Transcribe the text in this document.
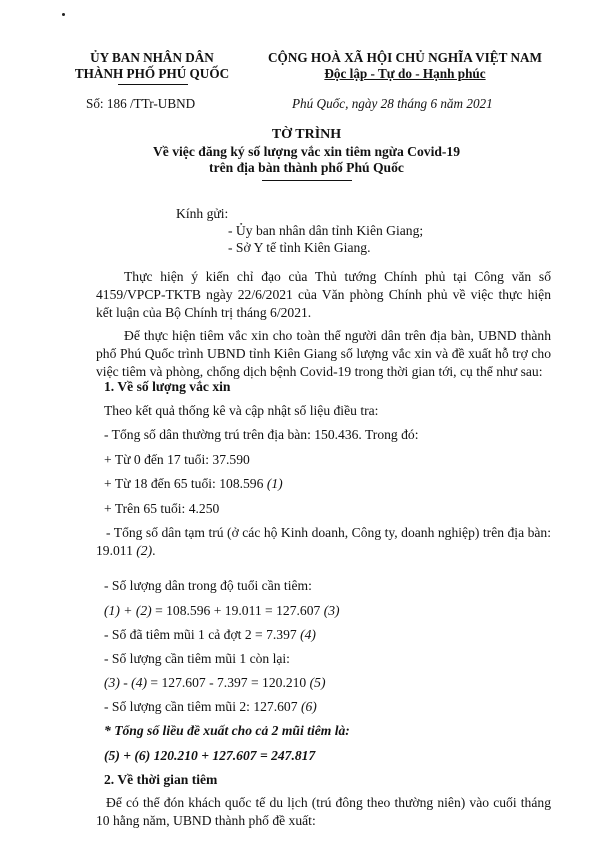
ỦY BAN NHÂN DÂN
THÀNH PHỐ PHÚ QUỐC
Số: 186 /TTr-UBND
CỘNG HOÀ XÃ HỘI CHỦ NGHĨA VIỆT NAM
Độc lập - Tự do - Hạnh phúc
Phú Quốc, ngày 28 tháng 6 năm 2021
TỜ TRÌNH
Về việc đăng ký số lượng vắc xin tiêm ngừa Covid-19
trên địa bàn thành phố Phú Quốc
Kính gửi:
- Ủy ban nhân dân tỉnh Kiên Giang;
- Sở Y tế tỉnh Kiên Giang.
Thực hiện ý kiến chỉ đạo của Thủ tướng Chính phủ tại Công văn số 4159/VPCP-TKTB ngày 22/6/2021 của Văn phòng Chính phủ về việc thực hiện kết luận của Bộ Chính trị tháng 6/2021.
Để thực hiện tiêm vắc xin cho toàn thể người dân trên địa bàn, UBND thành phố Phú Quốc trình UBND tỉnh Kiên Giang số lượng vắc xin và đề xuất hỗ trợ cho việc tiêm và phòng, chống dịch bệnh Covid-19 trong thời gian tới, cụ thể như sau:
1. Về số lượng vắc xin
Theo kết quả thống kê và cập nhật số liệu điều tra:
- Tổng số dân thường trú trên địa bàn: 150.436. Trong đó:
+ Từ 0 đến 17 tuổi: 37.590
+ Từ 18 đến 65 tuổi: 108.596 (1)
+ Trên 65 tuổi: 4.250
- Tổng số dân tạm trú (ở các hộ Kinh doanh, Công ty, doanh nghiệp) trên địa bàn: 19.011 (2).
- Số lượng dân trong độ tuổi cần tiêm:
(1) + (2) = 108.596 + 19.011 = 127.607 (3)
- Số đã tiêm mũi 1 cả đợt 2 = 7.397 (4)
- Số lượng cần tiêm mũi 1 còn lại:
(3) - (4) = 127.607 - 7.397 = 120.210 (5)
- Số lượng cần tiêm mũi 2: 127.607 (6)
* Tổng số liều đề xuất cho cả 2 mũi tiêm là:
(5) + (6) 120.210 + 127.607 = 247.817
2. Về thời gian tiêm
Để có thể đón khách quốc tế du lịch (trú đông theo thường niên) vào cuối tháng 10 hằng năm, UBND thành phố đề xuất:
